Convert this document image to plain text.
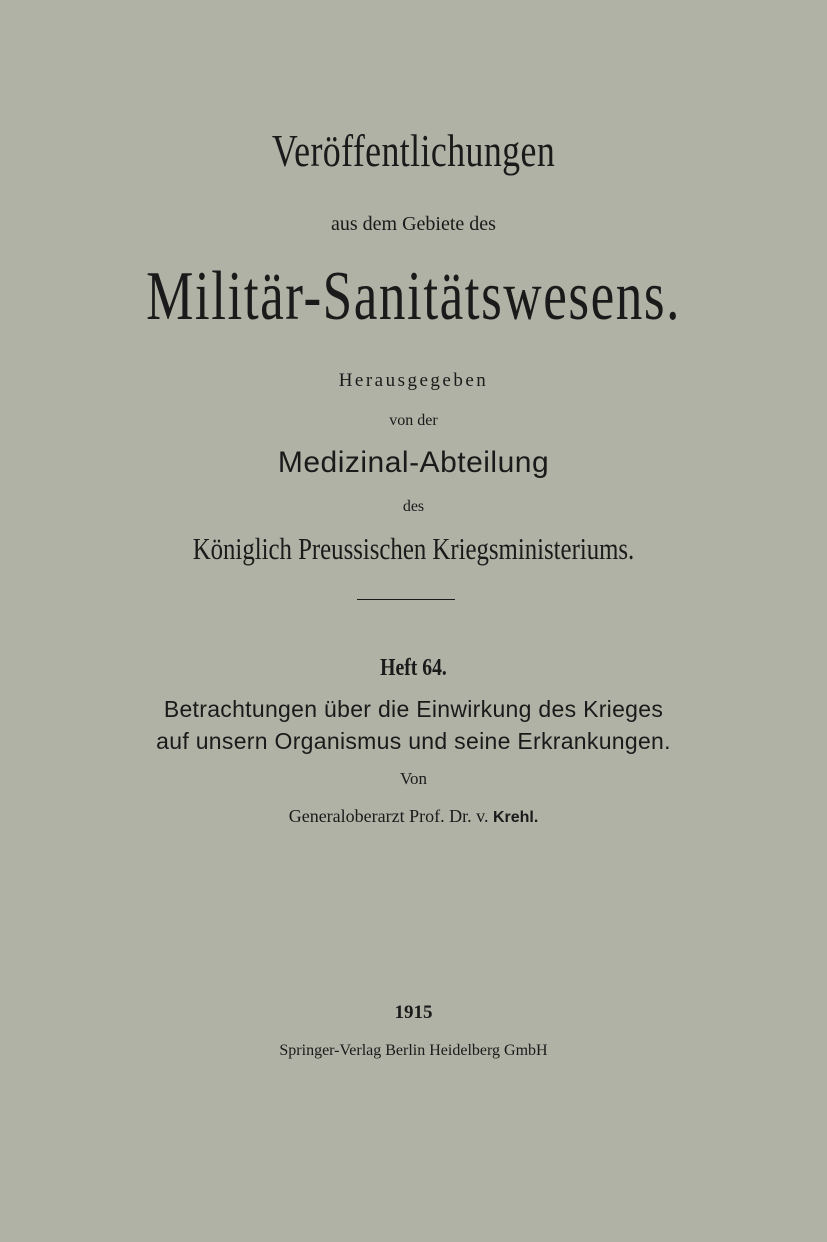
Veröffentlichungen
aus dem Gebiete des
Militär-Sanitätswesens.
Herausgegeben
von der
Medizinal-Abteilung
des
Königlich Preussischen Kriegsministeriums.
Heft 64.
Betrachtungen über die Einwirkung des Krieges
auf unsern Organismus und seine Erkrankungen.
Von
Generaloberarzt Prof. Dr. v. Krehl.
1915
Springer-Verlag Berlin Heidelberg GmbH
